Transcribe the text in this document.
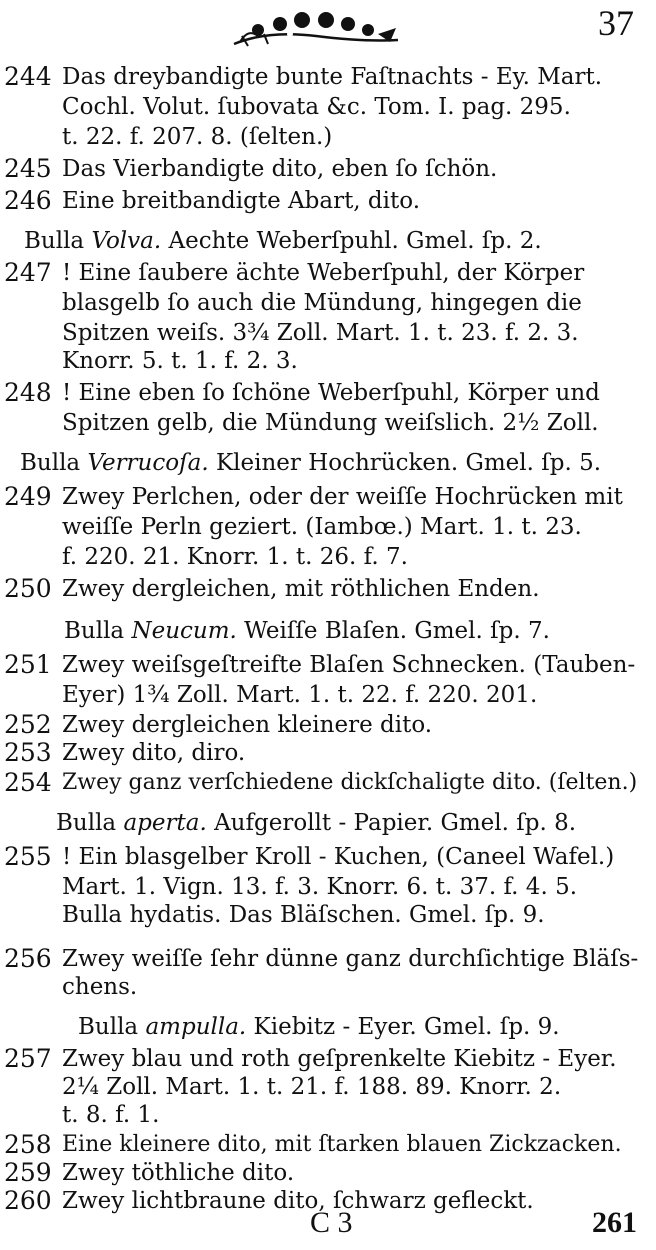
37
244 Das dreybandigte bunte Faſtnachts - Ey. Mart.
Cochl. Volut. ſubovata &c. Tom. I. pag. 295.
t. 22. f. 207. 8. (ſelten.)
245 Das Vierbandigte dito, eben ſo ſchön.
246 Eine breitbandigte Abart, dito.
Bulla Volva. Aechte Weberſpuhl. Gmel. ſp. 2.
247 ! Eine ſaubere ächte Weberſpuhl, der Körper
blasgelb ſo auch die Mündung, hingegen die
Spitzen weiſs. 3¾ Zoll. Mart. 1. t. 23. f. 2. 3.
Knorr. 5. t. 1. f. 2. 3.
248 ! Eine eben ſo ſchöne Weberſpuhl, Körper und
Spitzen gelb, die Mündung weiſslich. 2½ Zoll.
Bulla Verrucoſa. Kleiner Hochrücken. Gmel. ſp. 5.
249 Zwey Perlchen, oder der weiſſe Hochrücken mit
weiſſe Perln geziert. (Iambœ.) Mart. 1. t. 23.
f. 220. 21. Knorr. 1. t. 26. f. 7.
250 Zwey dergleichen, mit röthlichen Enden.
Bulla Neucum. Weiſſe Blaſen. Gmel. ſp. 7.
251 Zwey weiſsgeſtreifte Blaſen Schnecken. (Tauben-
Eyer) 1¾ Zoll. Mart. 1. t. 22. f. 220. 201.
252 Zwey dergleichen kleinere dito.
253 Zwey dito, diro.
254 Zwey ganz verſchiedene dickſchaligte dito. (ſelten.)
Bulla aperta. Aufgerollt - Papier. Gmel. ſp. 8.
255 ! Ein blasgelber Kroll - Kuchen, (Caneel Wafel.)
Mart. 1. Vign. 13. f. 3. Knorr. 6. t. 37. f. 4. 5.
Bulla hydatis. Das Bläſschen. Gmel. ſp. 9.
256 Zwey weiſſe ſehr dünne ganz durchſichtige Bläſs-
chens.
Bulla ampulla. Kiebitz - Eyer. Gmel. ſp. 9.
257 Zwey blau und roth geſprenkelte Kiebitz - Eyer.
2¼ Zoll. Mart. 1. t. 21. f. 188. 89. Knorr. 2.
t. 8. f. 1.
258 Eine kleinere dito, mit ſtarken blauen Zickzacken.
259 Zwey töthliche dito.
260 Zwey lichtbraune dito, ſchwarz gefleckt.
C 3	261
